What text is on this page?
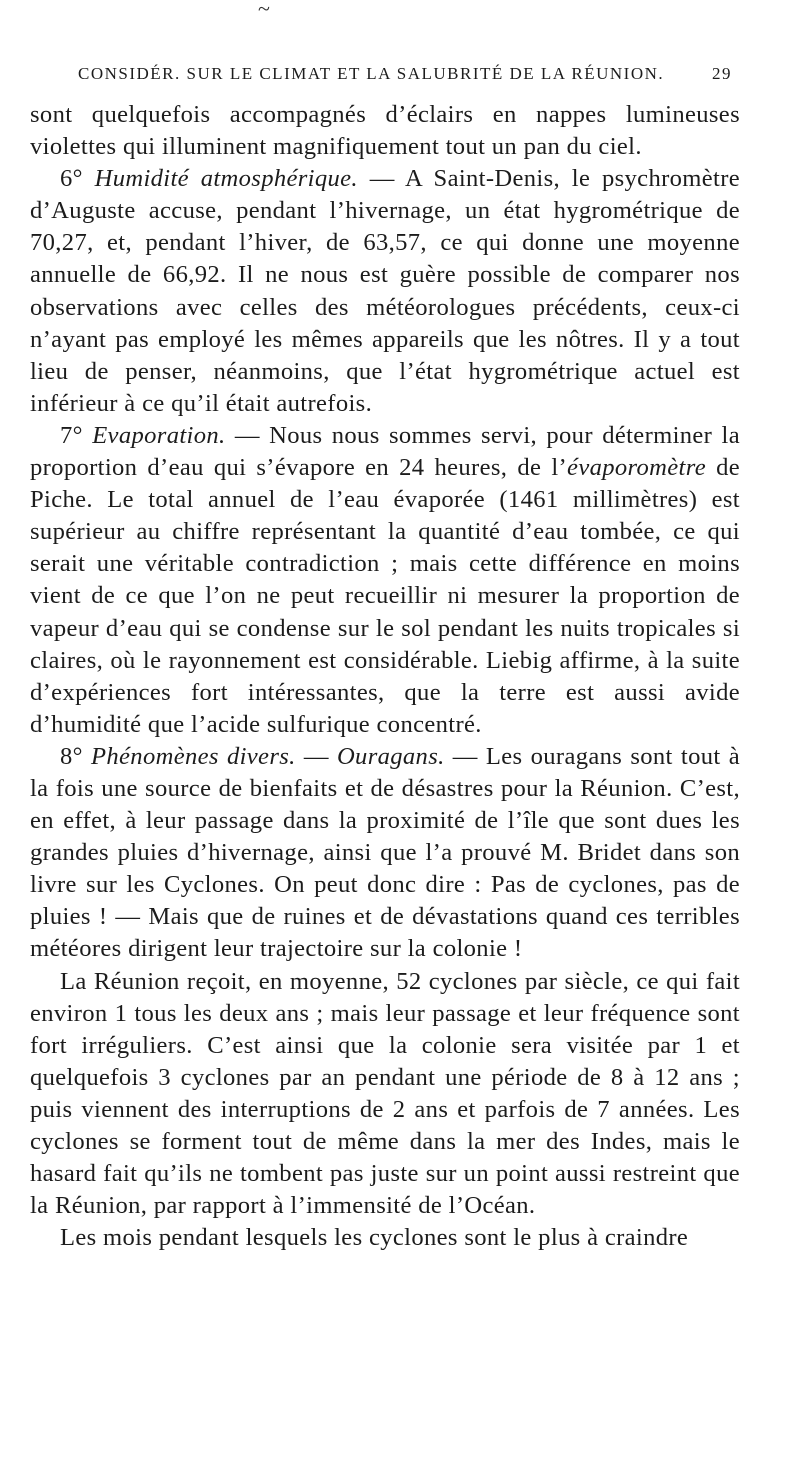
~
CONSIDÉR. SUR LE CLIMAT ET LA SALUBRITÉ DE LA RÉUNION.	29

sont quelquefois accompagnés d’éclairs en nappes lumineuses violettes qui illuminent magnifiquement tout un pan du ciel.

6° Humidité atmosphérique. — A Saint-Denis, le psychromètre d’Auguste accuse, pendant l’hivernage, un état hygrométrique de 70,27, et, pendant l’hiver, de 63,57, ce qui donne une moyenne annuelle de 66,92. Il ne nous est guère possible de comparer nos observations avec celles des météorologues précédents, ceux-ci n’ayant pas employé les mêmes appareils que les nôtres. Il y a tout lieu de penser, néanmoins, que l’état hygrométrique actuel est inférieur à ce qu’il était autrefois.

7° Evaporation. — Nous nous sommes servi, pour déterminer la proportion d’eau qui s’évapore en 24 heures, de l’évaporomètre de Piche. Le total annuel de l’eau évaporée (1461 millimètres) est supérieur au chiffre représentant la quantité d’eau tombée, ce qui serait une véritable contradiction ; mais cette différence en moins vient de ce que l’on ne peut recueillir ni mesurer la proportion de vapeur d’eau qui se condense sur le sol pendant les nuits tropicales si claires, où le rayonnement est considérable. Liebig affirme, à la suite d’expériences fort intéressantes, que la terre est aussi avide d’humidité que l’acide sulfurique concentré.

8° Phénomènes divers. — Ouragans. — Les ouragans sont tout à la fois une source de bienfaits et de désastres pour la Réunion. C’est, en effet, à leur passage dans la proximité de l’île que sont dues les grandes pluies d’hivernage, ainsi que l’a prouvé M. Bridet dans son livre sur les Cyclones. On peut donc dire : Pas de cyclones, pas de pluies ! — Mais que de ruines et de dévastations quand ces terribles météores dirigent leur trajectoire sur la colonie !

La Réunion reçoit, en moyenne, 52 cyclones par siècle, ce qui fait environ 1 tous les deux ans ; mais leur passage et leur fréquence sont fort irréguliers. C’est ainsi que la colonie sera visitée par 1 et quelquefois 3 cyclones par an pendant une période de 8 à 12 ans ; puis viennent des interruptions de 2 ans et parfois de 7 années. Les cyclones se forment tout de même dans la mer des Indes, mais le hasard fait qu’ils ne tombent pas juste sur un point aussi restreint que la Réunion, par rapport à l’immensité de l’Océan.

Les mois pendant lesquels les cyclones sont le plus à craindre
